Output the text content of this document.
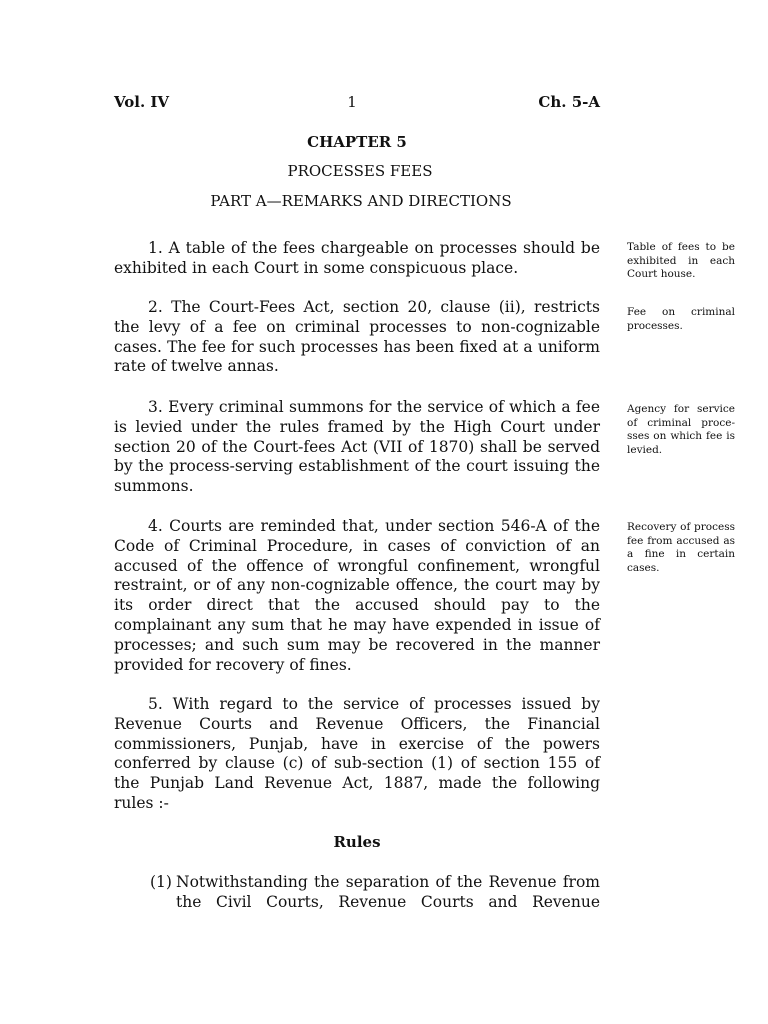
Vol. IV	1	Ch. 5-A
CHAPTER 5
PROCESSES FEES
PART A—REMARKS AND DIRECTIONS

1. A table of the fees chargeable on processes should be exhibited in each Court in some conspicuous place.

Table of fees to be exhibited in each Court house.

2. The Court-Fees Act, section 20, clause (ii), restricts the levy of a fee on criminal processes to non-cognizable cases. The fee for such processes has been fixed at a uniform rate of twelve annas.

Fee on criminal processes.

3. Every criminal summons for the service of which a fee is levied under the rules framed by the High Court under section 20 of the Court-fees Act (VII of 1870) shall be served by the process-serving establishment of the court issuing the summons.

Agency for service of criminal proce-sses on which fee is levied.

4. Courts are reminded that, under section 546-A of the Code of Criminal Procedure, in cases of conviction of an accused of the offence of wrongful confinement, wrongful restraint, or of any non-cognizable offence, the court may by its order direct that the accused should pay to the complainant any sum that he may have expended in issue of processes; and such sum may be recovered in the manner provided for recovery of fines.

Recovery of process fee from accused as a fine in certain cases.

5. With regard to the service of processes issued by Revenue Courts and Revenue Officers, the Financial commissioners, Punjab, have in exercise of the powers conferred by clause (c) of sub-section (1) of section 155 of the Punjab Land Revenue Act, 1887, made the following rules :-

Rules
(1) Notwithstanding the separation of the Revenue from the Civil Courts, Revenue Courts and Revenue
